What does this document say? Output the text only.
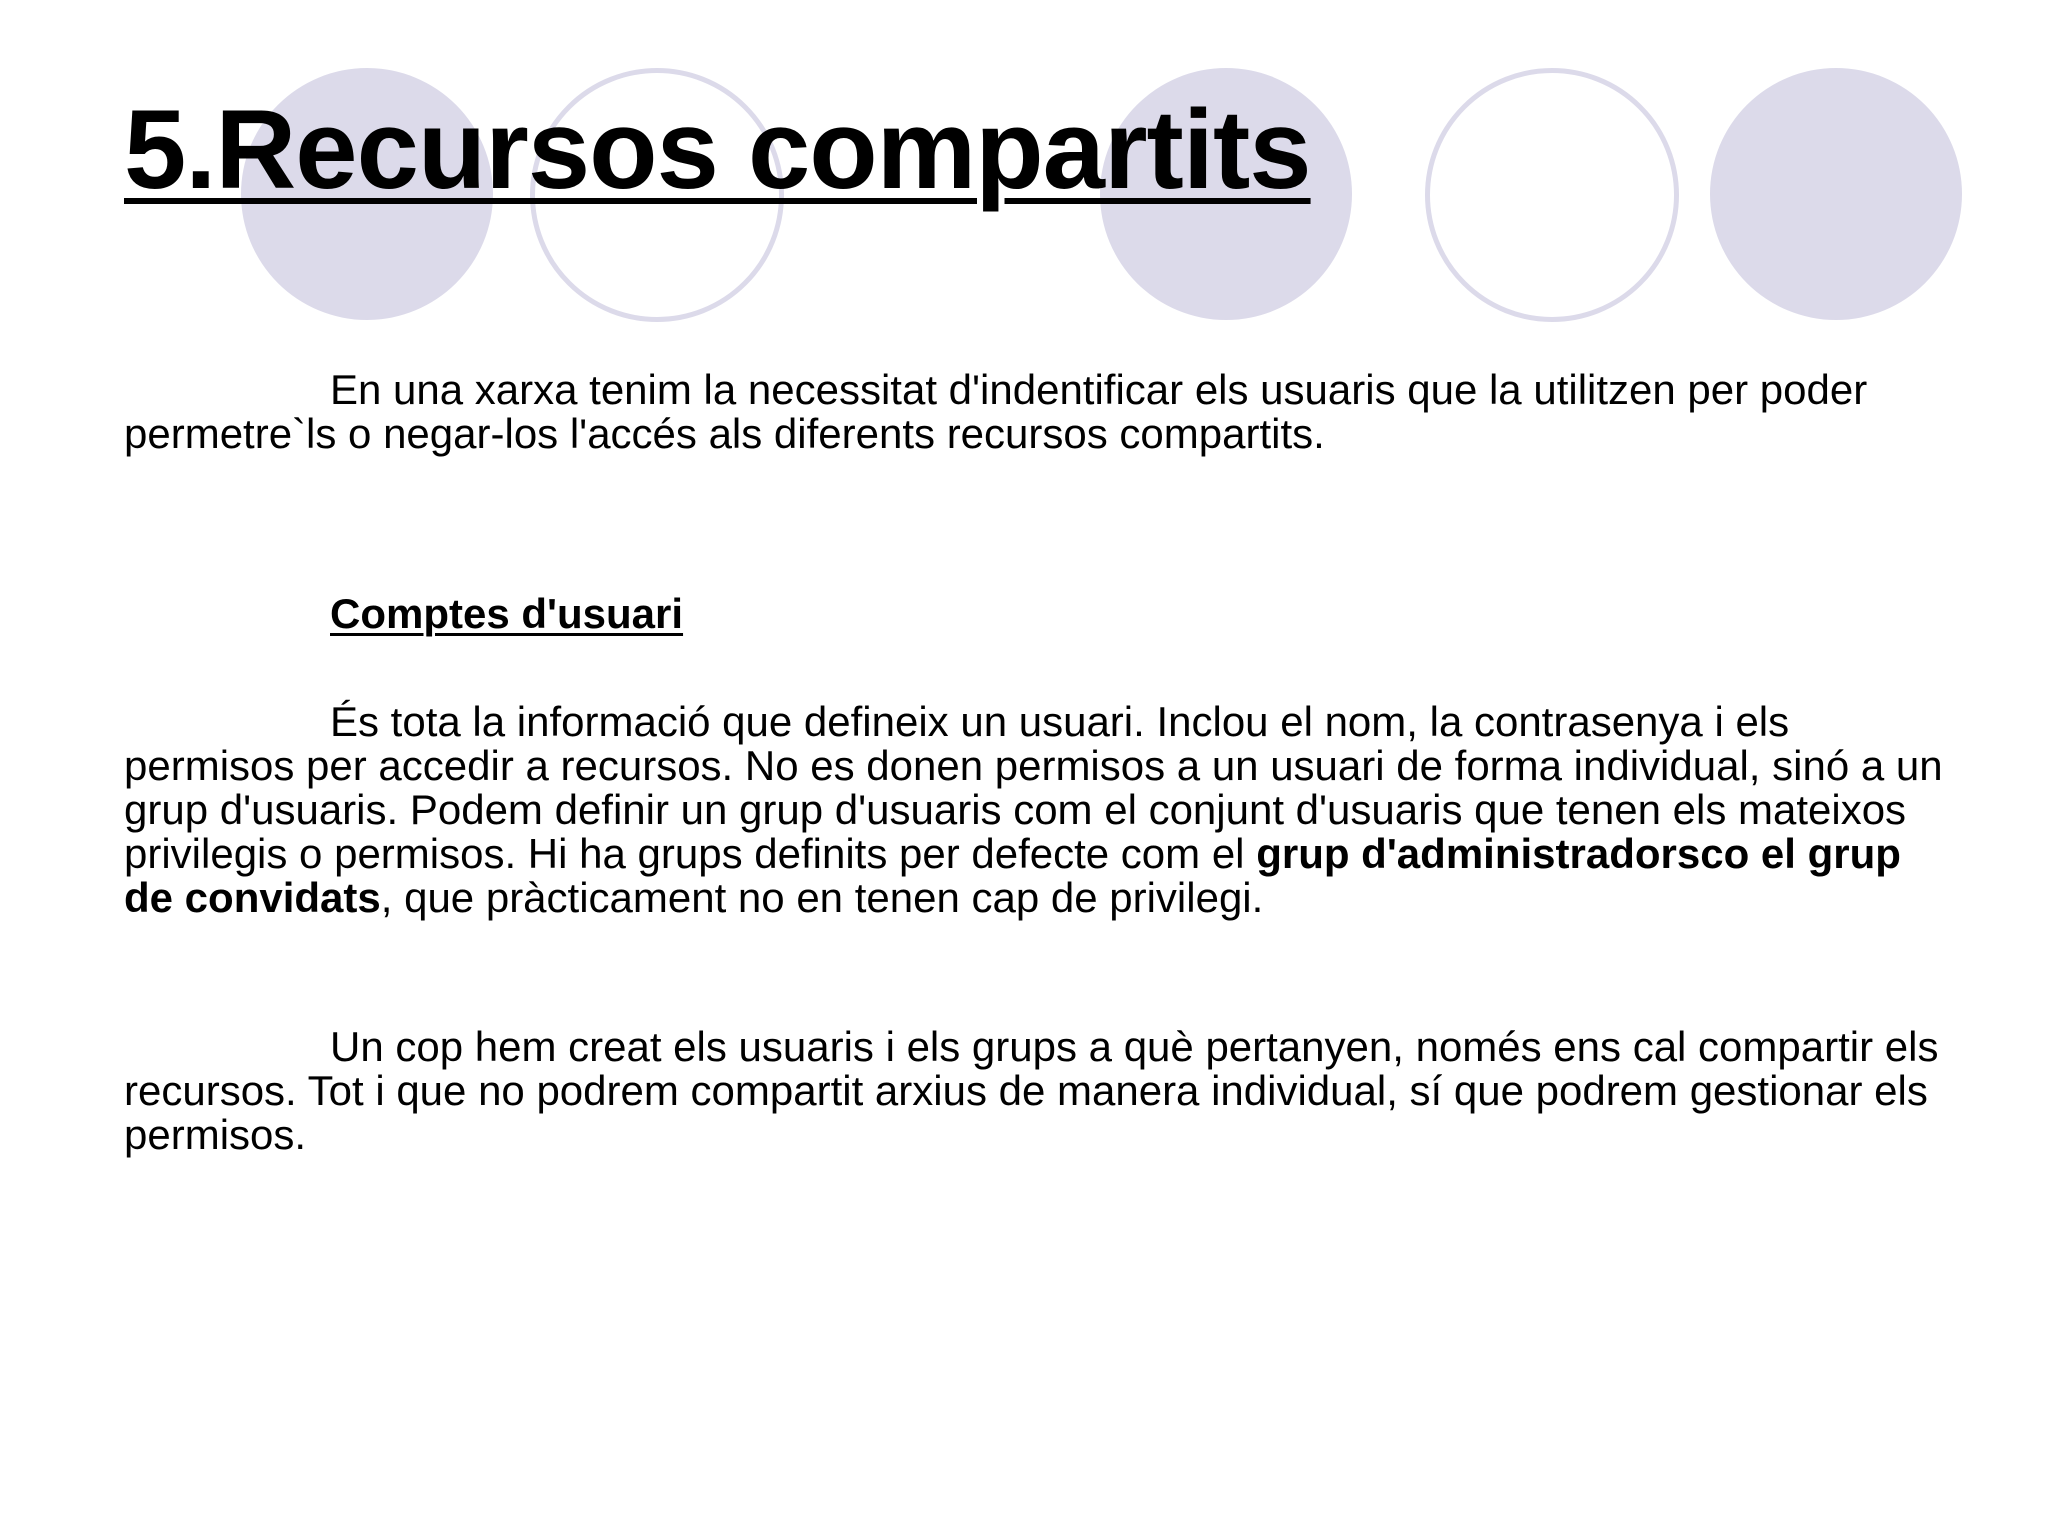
5.Recursos compartits

En una xarxa tenim la necessitat d'indentificar els usuaris que la utilitzen per poder permetre`ls o negar-los l'accés als diferents recursos compartits.

Comptes d'usuari

És tota la informació que defineix un usuari. Inclou el nom, la contrasenya i els permisos per accedir a recursos. No es donen permisos a un usuari de forma individual, sinó a un grup d'usuaris. Podem definir un grup d'usuaris com el conjunt d'usuaris que tenen els mateixos privilegis o permisos. Hi ha grups definits per defecte com el grup d'administradorsco el grup de convidats, que pràcticament no en tenen cap de privilegi.

Un cop hem creat els usuaris i els grups a què pertanyen, només ens cal compartir els recursos. Tot i que no podrem compartit arxius de manera individual, sí que podrem gestionar els permisos.
